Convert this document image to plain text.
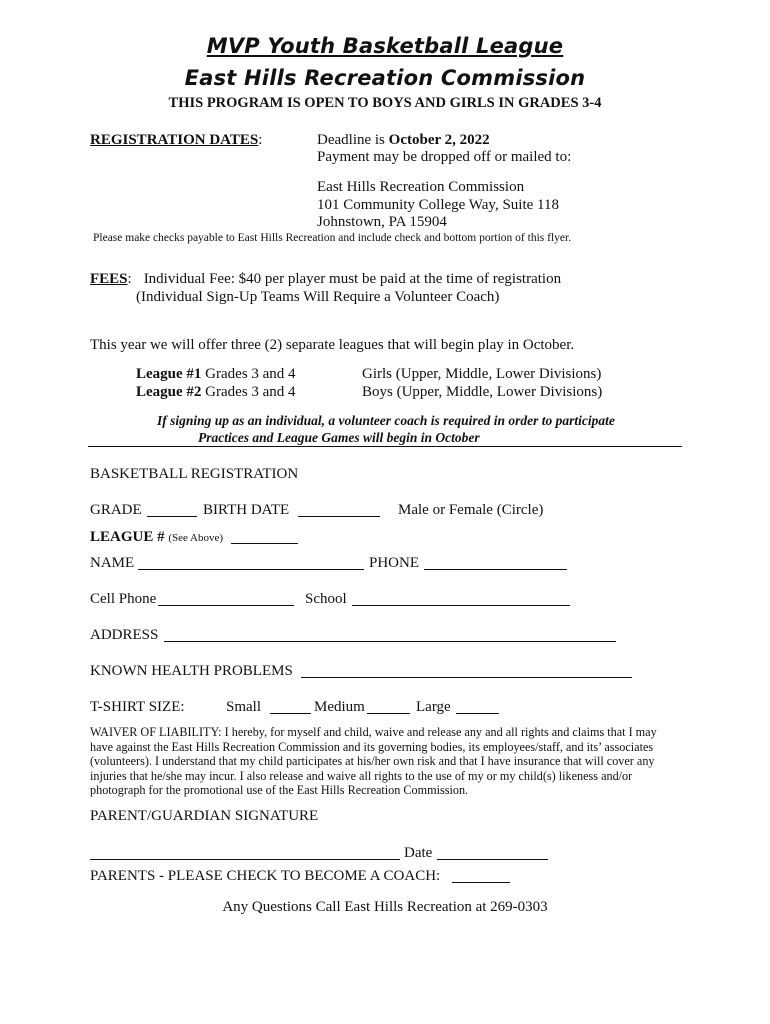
MVP Youth Basketball League
East Hills Recreation Commission
THIS PROGRAM IS OPEN TO BOYS AND GIRLS IN GRADES 3-4
REGISTRATION DATES:	Deadline is October 2, 2022
Payment may be dropped off or mailed to:
East Hills Recreation Commission
101 Community College Way, Suite 118
Johnstown, PA 15904
Please make checks payable to East Hills Recreation and include check and bottom portion of this flyer.
FEES: Individual Fee: $40 per player must be paid at the time of registration
(Individual Sign-Up Teams Will Require a Volunteer Coach)
This year we will offer three (2) separate leagues that will begin play in October.
League #1 Grades 3 and 4	Girls (Upper, Middle, Lower Divisions)
League #2 Grades 3 and 4	Boys (Upper, Middle, Lower Divisions)
If signing up as an individual, a volunteer coach is required in order to participate
Practices and League Games will begin in October
BASKETBALL REGISTRATION
GRADE	BIRTH DATE	Male or Female (Circle)
LEAGUE # (See Above)
NAME	PHONE
Cell Phone	School
ADDRESS
KNOWN HEALTH PROBLEMS
T-SHIRT SIZE:	Small	Medium	Large
WAIVER OF LIABILITY: I hereby, for myself and child, waive and release any and all rights and claims that I may
have against the East Hills Recreation Commission and its governing bodies, its employees/staff, and its’ associates
(volunteers). I understand that my child participates at his/her own risk and that I have insurance that will cover any
injuries that he/she may incur. I also release and waive all rights to the use of my or my child(s) likeness and/or
photograph for the promotional use of the East Hills Recreation Commission.
PARENT/GUARDIAN SIGNATURE
Date
PARENTS - PLEASE CHECK TO BECOME A COACH:
Any Questions Call East Hills Recreation at 269-0303
